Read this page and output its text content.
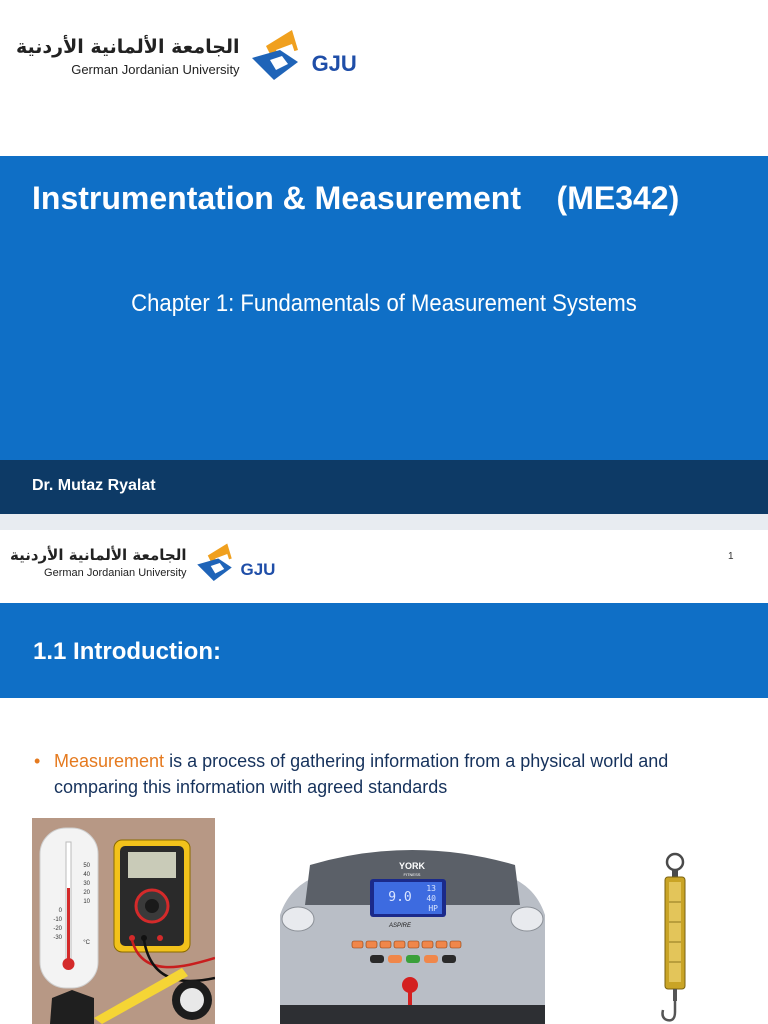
الجامعة الألمانية الأردنية
German Jordanian University	GJU
Instrumentation & Measurement    (ME342)
Chapter 1: Fundamentals of Measurement Systems
Dr. Mutaz Ryalat
الجامعة الألمانية الأردنية
German Jordanian University	GJU
1
1.1 Introduction:
• Measurement is a process of gathering information from a physical world and comparing this information with agreed standards
50
40
30
20
10
0
-10
-20
-30
°C
YORK
FITNESS
9.0
13
40
HP
ASPIRE
